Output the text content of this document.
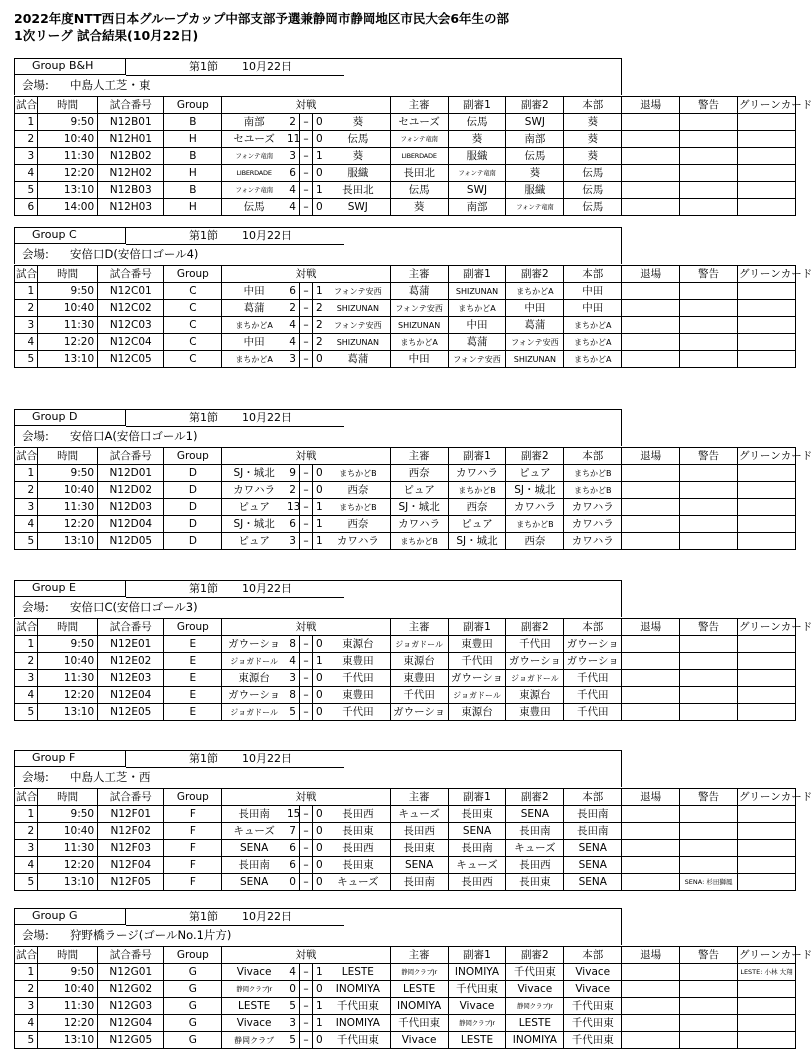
2022年度NTT西日本グループカップ中部支部予選兼静岡市静岡地区市民大会6年生の部
1次リーグ 試合結果(10月22日)
Group B&H	第1節 10月22日
会場: 中島人工芝・東
試合	時間	試合番号	Group	対戦					主審	副審1	副審2	本部	退場	警告	グリーンカード
1	9:50	N12B01	B	南部	2	–	0	葵	セユーズ	伝馬	SWJ	葵			
2	10:40	N12H01	H	セユーズ	11	–	0	伝馬	フォンテ竜南	葵	南部	葵			
3	11:30	N12B02	B	フォンテ竜南	3	–	1	葵	LIBERDADE	服織	伝馬	葵			
4	12:20	N12H02	H	LIBERDADE	6	–	0	服織	長田北	フォンテ竜南	葵	伝馬			
5	13:10	N12B03	B	フォンテ竜南	4	–	1	長田北	伝馬	SWJ	服織	伝馬			
6	14:00	N12H03	H	伝馬	4	–	0	SWJ	葵	南部	フォンテ竜南	伝馬			
Group C	第1節 10月22日
会場: 安倍口D(安倍口ゴール4)
試合	時間	試合番号	Group	対戦					主審	副審1	副審2	本部	退場	警告	グリーンカード
1	9:50	N12C01	C	中田	6	–	1	フォンテ安西	葛蒲	SHIZUNAN	まちかどA	中田			
2	10:40	N12C02	C	葛蒲	2	–	2	SHIZUNAN	フォンテ安西	まちかどA	中田	中田			
3	11:30	N12C03	C	まちかどA	4	–	2	フォンテ安西	SHIZUNAN	中田	葛蒲	まちかどA			
4	12:20	N12C04	C	中田	4	–	2	SHIZUNAN	まちかどA	葛蒲	フォンテ安西	まちかどA			
5	13:10	N12C05	C	まちかどA	3	–	0	葛蒲	中田	フォンテ安西	SHIZUNAN	まちかどA			
Group D	第1節 10月22日
会場: 安倍口A(安倍口ゴール1)
試合	時間	試合番号	Group	対戦					主審	副審1	副審2	本部	退場	警告	グリーンカード
1	9:50	N12D01	D	SJ・城北	9	–	0	まちかどB	西奈	カワハラ	ピュア	まちかどB			
2	10:40	N12D02	D	カワハラ	2	–	0	西奈	ピュア	まちかどB	SJ・城北	まちかどB			
3	11:30	N12D03	D	ピュア	13	–	1	まちかどB	SJ・城北	西奈	カワハラ	カワハラ			
4	12:20	N12D04	D	SJ・城北	6	–	1	西奈	カワハラ	ピュア	まちかどB	カワハラ			
5	13:10	N12D05	D	ピュア	3	–	1	カワハラ	まちかどB	SJ・城北	西奈	カワハラ			
Group E	第1節 10月22日
会場: 安倍口C(安倍口ゴール3)
試合	時間	試合番号	Group	対戦					主審	副審1	副審2	本部	退場	警告	グリーンカード
1	9:50	N12E01	E	ガウーショ	8	–	0	東源台	ジョガドール	東豊田	千代田	ガウーショ			
2	10:40	N12E02	E	ジョガドール	4	–	1	東豊田	東源台	千代田	ガウーショ	ガウーショ			
3	11:30	N12E03	E	東源台	3	–	0	千代田	東豊田	ガウーショ	ジョガドール	千代田			
4	12:20	N12E04	E	ガウーショ	8	–	0	東豊田	千代田	ジョガドール	東源台	千代田			
5	13:10	N12E05	E	ジョガドール	5	–	0	千代田	ガウーショ	東源台	東豊田	千代田			
Group F	第1節 10月22日
会場: 中島人工芝・西
試合	時間	試合番号	Group	対戦					主審	副審1	副審2	本部	退場	警告	グリーンカード
1	9:50	N12F01	F	長田南	15	–	0	長田西	キューズ	長田東	SENA	長田南			
2	10:40	N12F02	F	キューズ	7	–	0	長田東	長田西	SENA	長田南	長田南			
3	11:30	N12F03	F	SENA	6	–	0	長田西	長田東	長田南	キューズ	SENA			
4	12:20	N12F04	F	長田南	6	–	0	長田東	SENA	キューズ	長田西	SENA			
5	13:10	N12F05	F	SENA	0	–	0	キューズ	長田南	長田西	長田東	SENA		SENA: 杉田獅鳳	
Group G	第1節 10月22日
会場: 狩野橋ラージ(ゴールNo.1片方)
試合	時間	試合番号	Group	対戦					主審	副審1	副審2	本部	退場	警告	グリーンカード
1	9:50	N12G01	G	Vivace	4	–	1	LESTE	静岡クラブJr	INOMIYA	千代田東	Vivace			LESTE: 小林 大翔
2	10:40	N12G02	G	静岡クラブJr	0	–	0	INOMIYA	LESTE	千代田東	Vivace	Vivace			
3	11:30	N12G03	G	LESTE	5	–	1	千代田東	INOMIYA	Vivace	静岡クラブJr	千代田東			
4	12:20	N12G04	G	Vivace	3	–	1	INOMIYA	千代田東	静岡クラブJr	LESTE	千代田東			
5	13:10	N12G05	G	静岡クラブ	5	–	0	千代田東	Vivace	LESTE	INOMIYA	千代田東			
